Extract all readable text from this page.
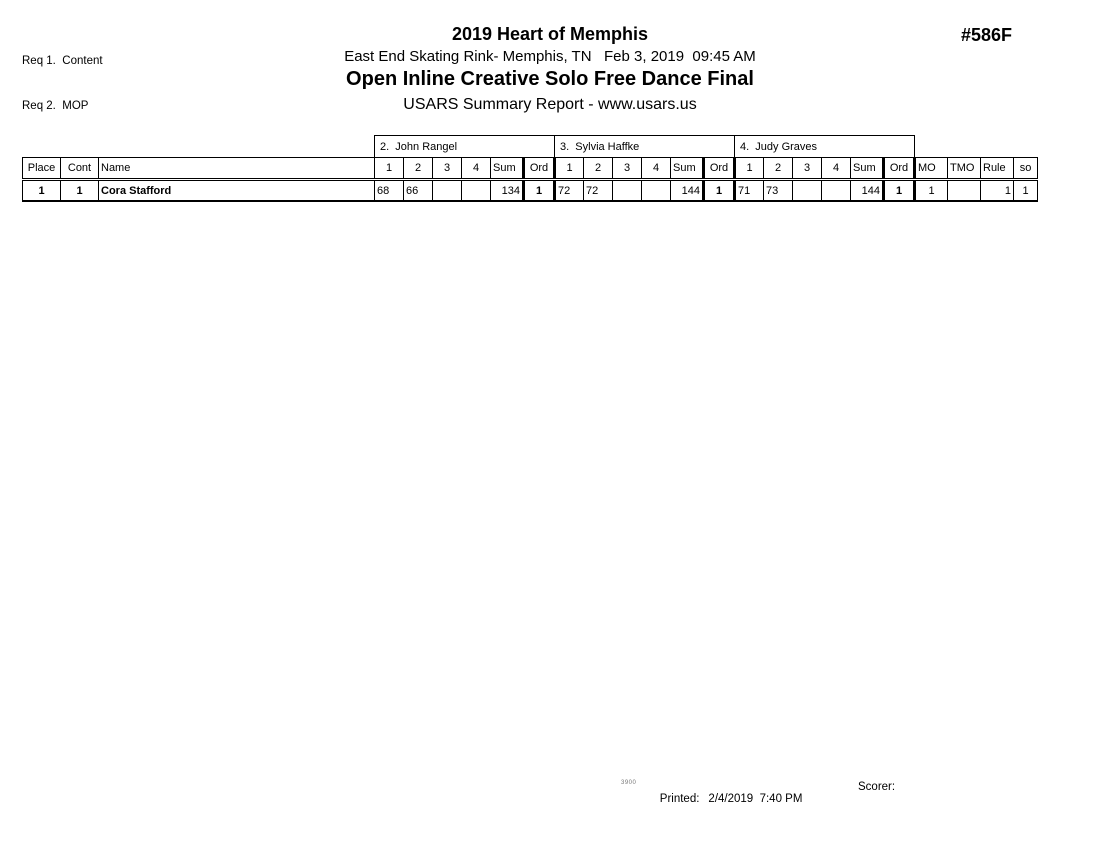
Req 1.  Content

Req 2.  MOP

2019 Heart of Memphis
East End Skating Rink- Memphis, TN   Feb 3, 2019  09:45 AM
Open Inline Creative Solo Free Dance Final
USARS Summary Report - www.usars.us
#586F
			2.  John Rangel						3.  Sylvia Haffke						4.  Judy Graves									
Place	Cont	Name	1	2	3	4	Sum	Ord	1	2	3	4	Sum	Ord	1	2	3	4	Sum	Ord	MO	TMO	Rule	so
1	1	Cora Stafford	68	66			134	1	72	72			144	1	71	73			144	1	1		1	1
3900

Printed: 2/4/2019  7:40 PM

Scorer:
